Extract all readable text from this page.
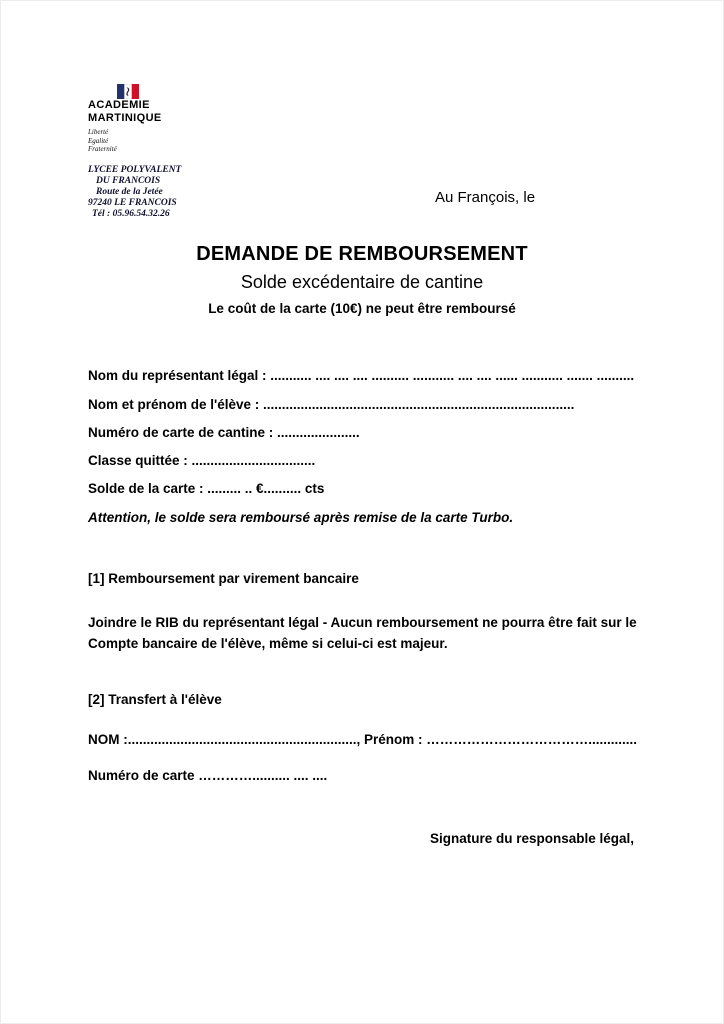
ACADEMIE
MARTINIQUE
Liberté
Egalité
Fraternité
LYCEE POLYVALENT
DU FRANCOIS
Route de la Jetée
97240 LE FRANCOIS
Tél : 05.96.54.32.26
Au François, le
DEMANDE DE REMBOURSEMENT
Solde excédentaire de cantine
Le coût de la carte (10€) ne peut être remboursé
Nom du représentant légal : ........... .... .... .... .......... ........... .... .... ...... ........... ....... ..........
Nom et prénom de l'élève : ...................................................................................
Numéro de carte de cantine : ......................
Classe quittée : .................................
Solde de la carte : ......... .. €.......... cts
Attention, le solde sera remboursé après remise de la carte Turbo.
[1] Remboursement par virement bancaire
Joindre le RIB du représentant légal - Aucun remboursement ne pourra être fait sur le Compte bancaire de l'élève, même si celui-ci est majeur.
[2] Transfert à l'élève
NOM :............................................................., Prénom : ……………………………….............
Numéro de carte ………….......... .... ....
Signature du responsable légal,
